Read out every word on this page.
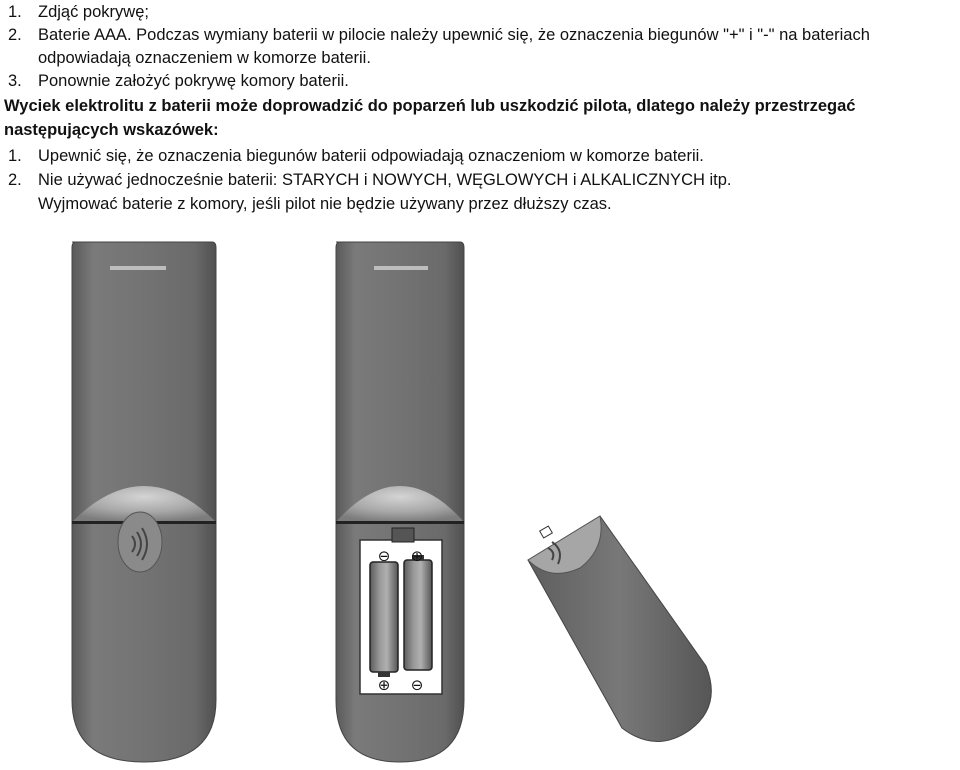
1. Zdjąć pokrywę;
2. Baterie AAA. Podczas wymiany baterii w pilocie należy upewnić się, że oznaczenia biegunów "+" i "-" na bateriach
odpowiadają oznaczeniem w komorze baterii.
3. Ponownie założyć pokrywę komory baterii.
Wyciek elektrolitu z baterii może doprowadzić do poparzeń lub uszkodzić pilota, dlatego należy przestrzegać
następujących wskazówek:
1. Upewnić się, że oznaczenia biegunów baterii odpowiadają oznaczeniom w komorze baterii.
2. Nie używać jednocześnie baterii: STARYCH i NOWYCH, WĘGLOWYCH i ALKALICZNYCH itp.
Wyjmować baterie z komory, jeśli pilot nie będzie używany przez dłuższy czas.
⊖ ⊕
⊕ ⊖
